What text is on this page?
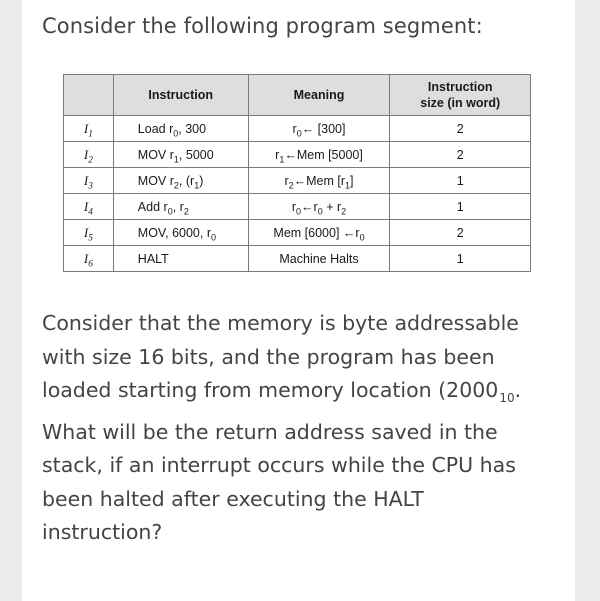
Consider the following program segment:
	Instruction	Meaning	Instruction
size (in word)
$I_1$	Load $r_0$, 300	$r_0\leftarrow$ [300]	2
$I_2$	MOV $r_1$, 5000	$r_1\leftarrow Mem$ [5000]	2
$I_3$	MOV $r_2$, $(r_1)$	$r_2\leftarrow Mem$ $[r_1]$	1
$I_4$	Add $r_0$, $r_2$	$r_0\leftarrow r_0 + r_2$	1
$I_5$	MOV, 6000, $r_0$	Mem [6000] $\leftarrow r_0$	2
$I_6$	HALT	Machine Halts	1

Consider that the memory is byte addressable

with size 16 bits, and the program has been

loaded starting from memory location ($2000_{10}$.

What will be the return address saved in the

stack, if an interrupt occurs while the CPU has

been halted after executing the HALT

instruction?
